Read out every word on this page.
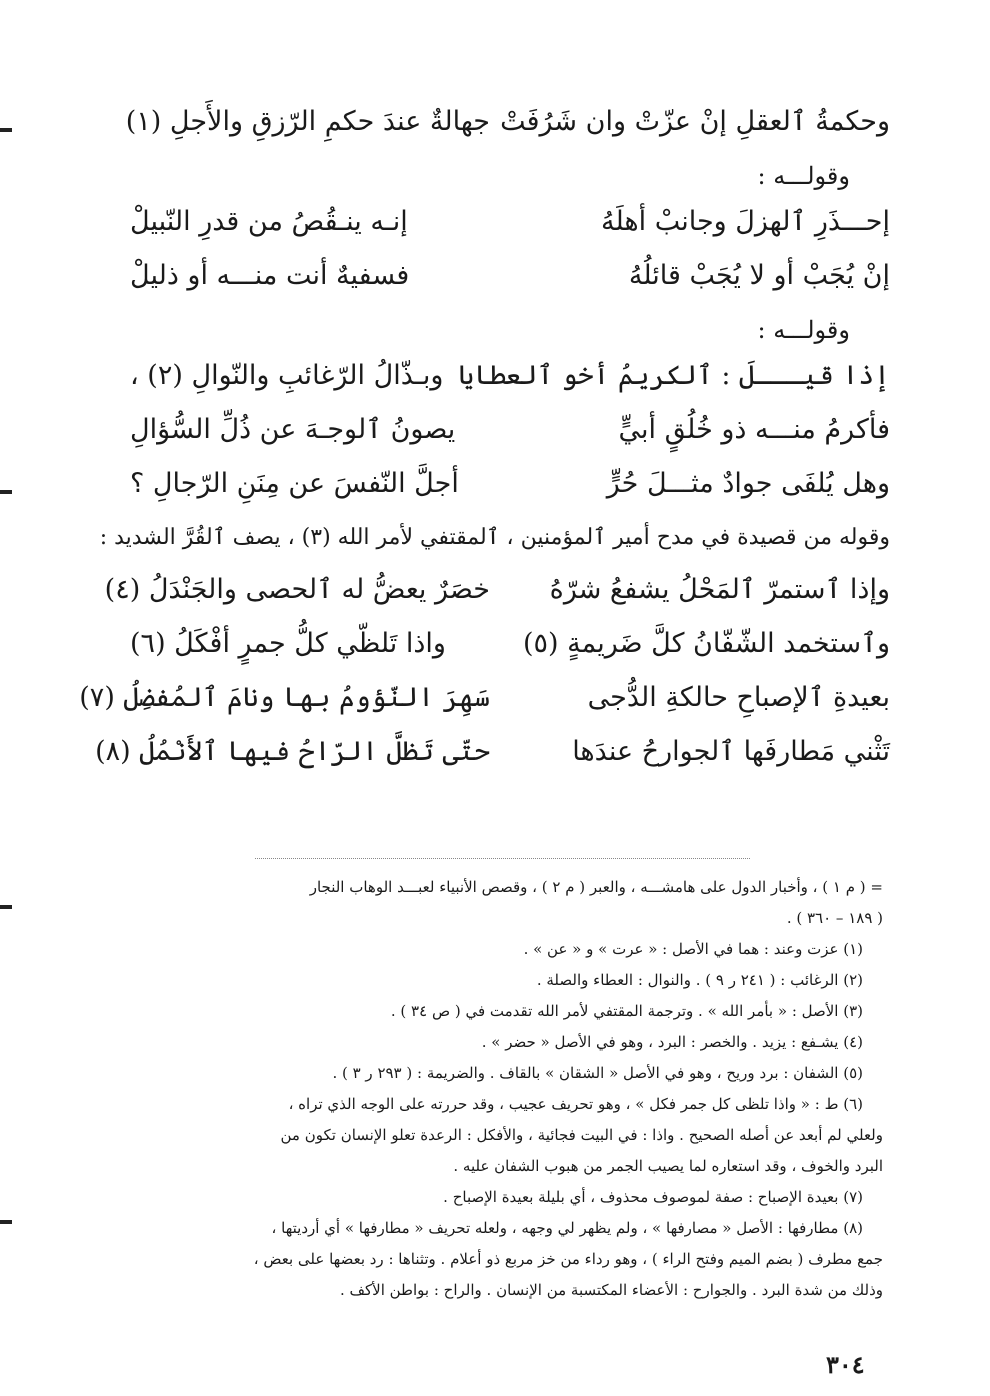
وحكمةُ ٱلعقلِ إنْ عزّتْ وان شَرُفَتْ
جهالةٌ عندَ حكمِ الرّزقِ والأَجلِ (١)
وقولـــه :
إحـــذَرِ ٱلهزلَ وجانبْ أهلَهُ
إنـه ينـقُصُ من قدرِ النّبيلْ
إنْ يُجَبْ أو لا يُجَبْ قائلُهُ
فسفيهٌ أنت منـــه أو ذليلْ
وقولـــه :
إذا قيـــلَ : ٱلكريمُ أخو ٱلعطايا
وبـذّالُ الرّغائبِ والنّوالِ (٢) ،
فأكرمُ منـــه ذو خُلُقٍ أبيٍّ
يصونُ ٱلوجـهَ عن ذُلِّ السُّؤالِ
وهل يُلفَى جوادٌ مثـــلَ حُرٍّ
أجلَّ النّفسَ عن مِنَنِ الرّجالِ ؟
وقوله من قصيدة في مدح أمير ٱلمؤمنين ، ٱلمقتفي لأمر الله (٣) ، يصف ٱلقُرَّ الشديد :
وإذا ٱستمرّ ٱلمَحْلُ يشفعُ شرّهُ
خصَرٌ يعضُّ له ٱلحصى والجَنْدَلُ (٤)
وٱستخمد الشّفّانُ كلَّ ضَريمةٍ (٥)
واذا تَلظّي كلُّ جمرٍ أفْكَلُ (٦)
بعيدةِ ٱلإصباحِ حالكةِ الدُّجى
سَهِرَ النّؤومُ بها ونامَ ٱلمُفضِلُ (٧)
تَثْني مَطارفَها ٱلجوارحُ عندَها
حتّى تَظلَّ الرّاحُ فيها ٱلأَنْمُلُ (٨)

= ( م ١ ) ، وأخبار الدول على هامشـــه ، والعبر ( م ٢ ) ، وقصص الأنبياء لعبـــد الوهاب النجار

( ١٨٩ – ٣٦٠ ) .

(١) عزت وعند : هما في الأصل : « عرت » و « عن » .

(٢) الرغائب : ( ٢٤١ ر ٩ ) . والنوال : العطاء والصلة .

(٣) الأصل : « بأمر الله » . وترجمة المقتفي لأمر الله تقدمت في ( ص ٣٤ ) .

(٤) يشـفع : يزيد . والخصر : البرد ، وهو في الأصل « حضر » .

(٥) الشفان : برد وريح ، وهو في الأصل « الشقان » بالقاف . والضريمة : ( ٢٩٣ ر ٣ ) .

(٦) ط : « واذا تلظى كل جمر فكل » ، وهو تحريف عجيب ، وقد حررته على الوجه الذي تراه ،

ولعلي لم أبعد عن أصله الصحيح . واذا : في البيت فجائية ، والأفكل : الرعدة تعلو الإنسان تكون من

البرد والخوف ، وقد استعاره لما يصيب الجمر من هبوب الشفان عليه .

(٧) بعيدة الإصباح : صفة لموصوف محذوف ، أي بليلة بعيدة الإصباح .

(٨) مطارفها : الأصل « مصارفها » ، ولم يظهر لي وجهه ، ولعله تحريف « مطارفها » أي أرديتها ،

جمع مطرف ( بضم الميم وفتح الراء ) ، وهو رداء من خز مربع ذو أعلام . وتثناها : رد بعضها على بعض ،

وذلك من شدة البرد . والجوارح : الأعضاء المكتسبة من الإنسان . والراح : بواطن الأكف .

٣٠٤
